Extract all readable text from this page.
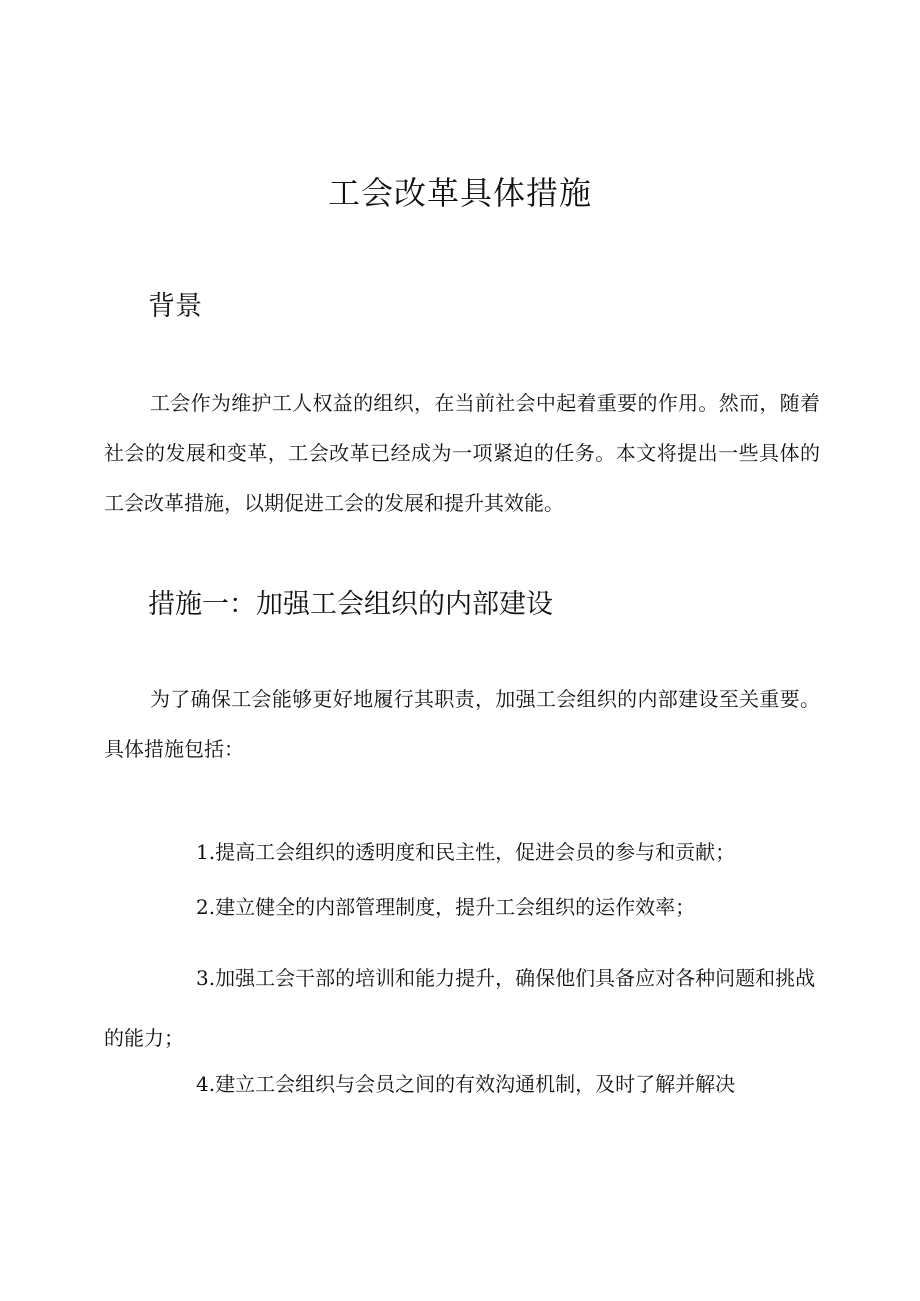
工会改革具体措施
背景

工会作为维护工人权益的组织，在当前社会中起着重要的作用。然而，随着社会的发展和变革，工会改革已经成为一项紧迫的任务。本文将提出一些具体的工会改革措施，以期促进工会的发展和提升其效能。

措施一：加强工会组织的内部建设

为了确保工会能够更好地履行其职责，加强工会组织的内部建设至关重要。具体措施包括：

1.提高工会组织的透明度和民主性，促进会员的参与和贡献；

2.建立健全的内部管理制度，提升工会组织的运作效率；

3.加强工会干部的培训和能力提升，确保他们具备应对各种问题和挑战的能力；

4.建立工会组织与会员之间的有效沟通机制，及时了解并解决
